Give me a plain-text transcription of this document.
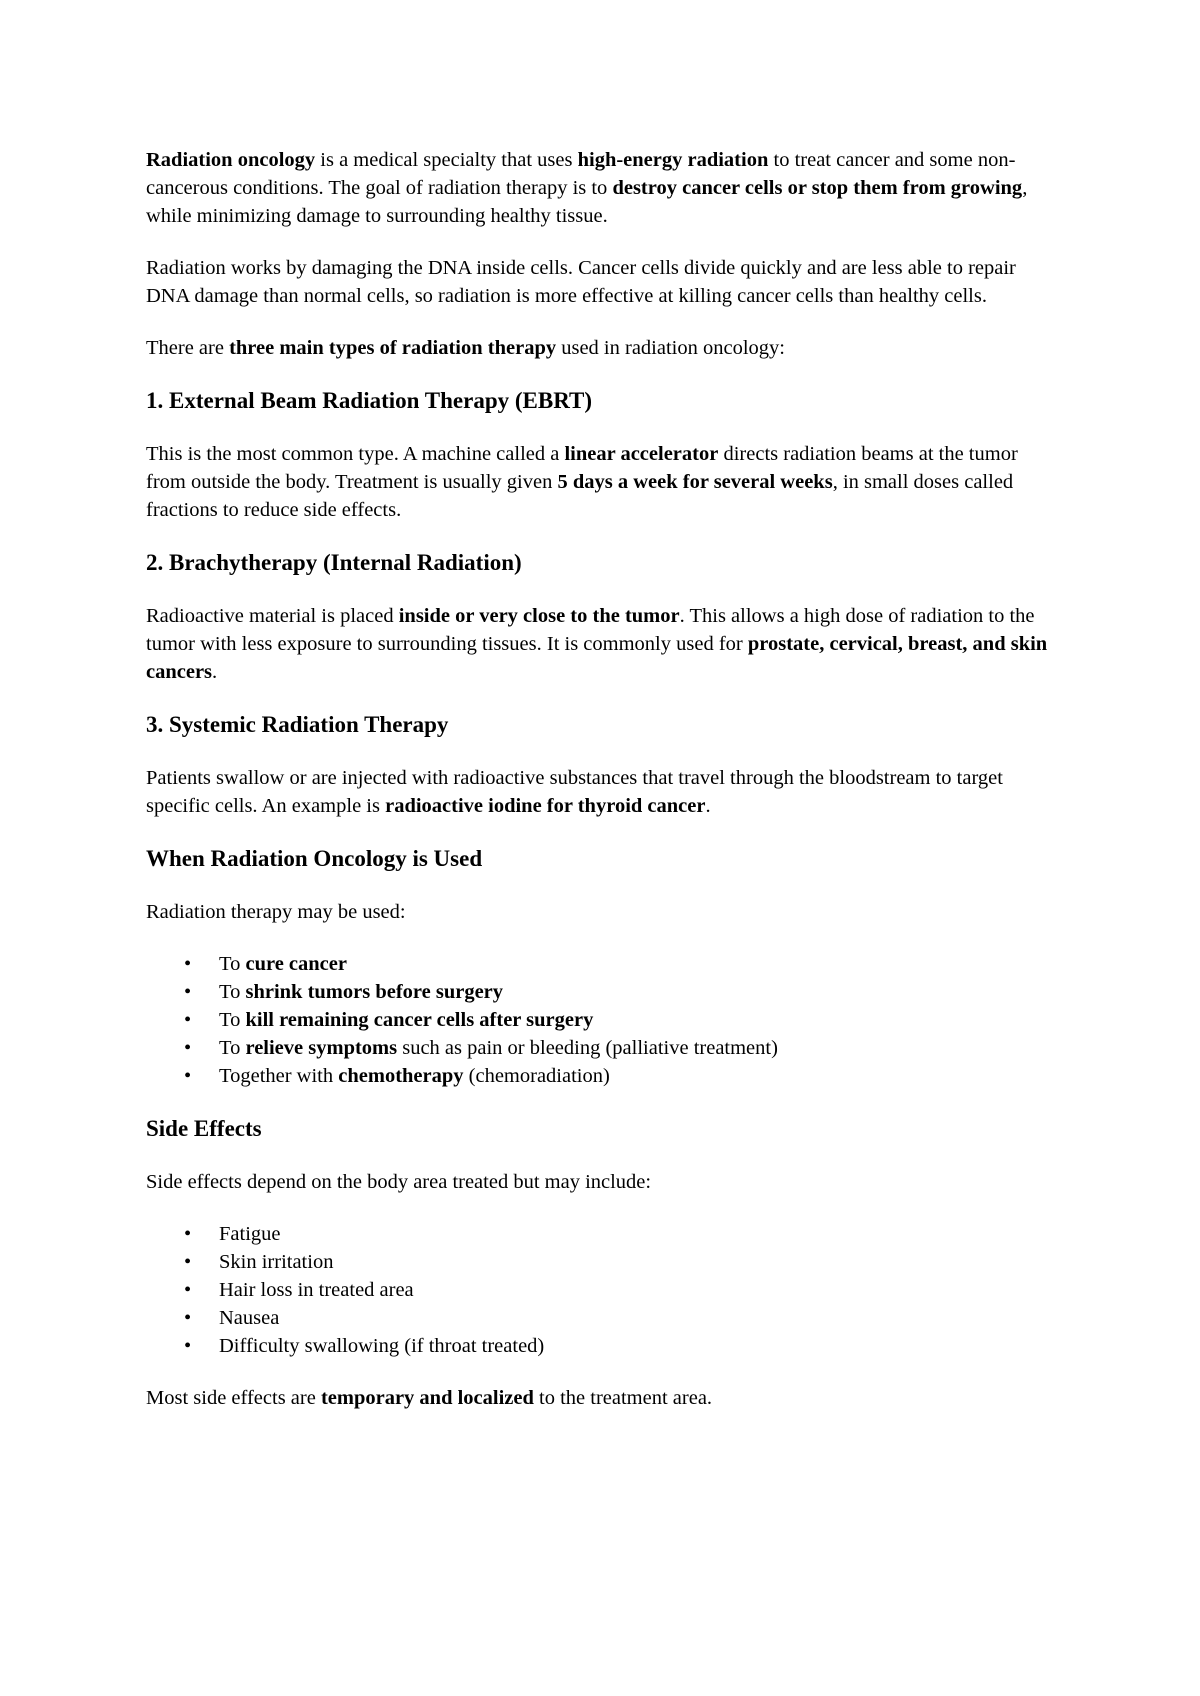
Radiation oncology is a medical specialty that uses high-energy radiation to treat cancer and some non-cancerous conditions. The goal of radiation therapy is to destroy cancer cells or stop them from growing, while minimizing damage to surrounding healthy tissue.

Radiation works by damaging the DNA inside cells. Cancer cells divide quickly and are less able to repair DNA damage than normal cells, so radiation is more effective at killing cancer cells than healthy cells.

There are three main types of radiation therapy used in radiation oncology:

1. External Beam Radiation Therapy (EBRT)

This is the most common type. A machine called a linear accelerator directs radiation beams at the tumor from outside the body. Treatment is usually given 5 days a week for several weeks, in small doses called fractions to reduce side effects.

2. Brachytherapy (Internal Radiation)

Radioactive material is placed inside or very close to the tumor. This allows a high dose of radiation to the tumor with less exposure to surrounding tissues. It is commonly used for prostate, cervical, breast, and skin cancers.

3. Systemic Radiation Therapy

Patients swallow or are injected with radioactive substances that travel through the bloodstream to target specific cells. An example is radioactive iodine for thyroid cancer.

When Radiation Oncology is Used

Radiation therapy may be used:

• To cure cancer
• To shrink tumors before surgery
• To kill remaining cancer cells after surgery
• To relieve symptoms such as pain or bleeding (palliative treatment)
• Together with chemotherapy (chemoradiation)
Side Effects

Side effects depend on the body area treated but may include:

• Fatigue
• Skin irritation
• Hair loss in treated area
• Nausea
• Difficulty swallowing (if throat treated)

Most side effects are temporary and localized to the treatment area.
